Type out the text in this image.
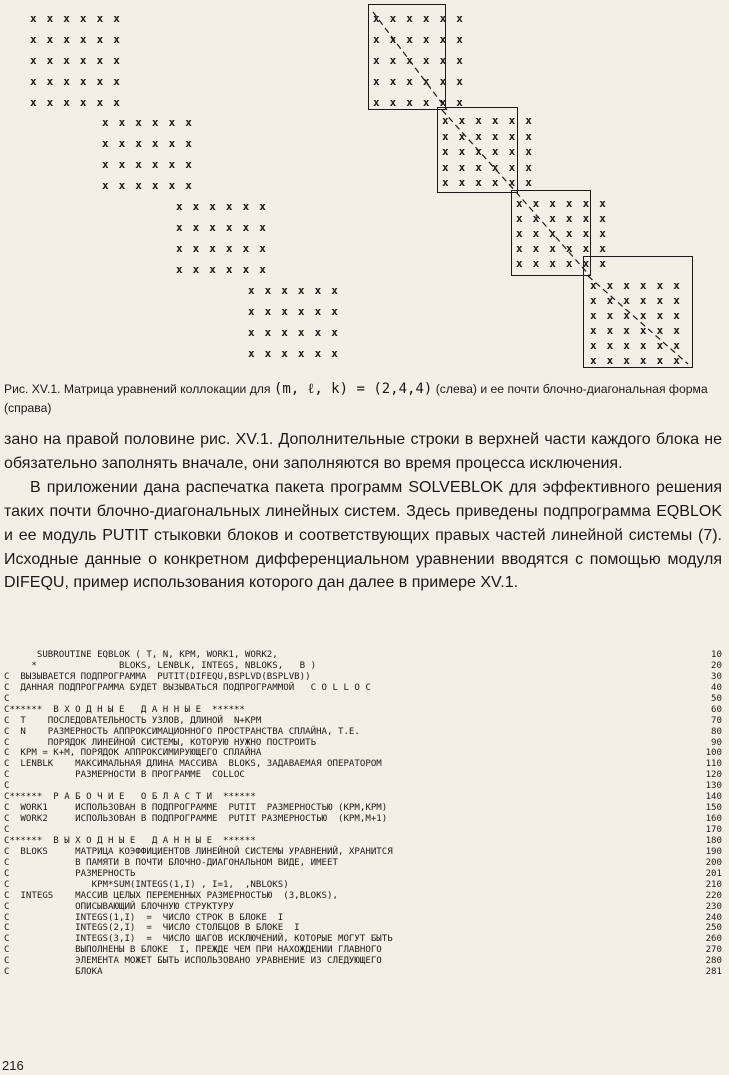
x x x x x x

x x x x x x

x x x x x x

x x x x x x

x x x x x x

x x x x x x

x x x x x x

x x x x x x

x x x x x x

x x x x x x

x x x x x x

x x x x x x

x x x x x x

x x x x x x

x x x x x x

x x x x x x

x x x x x x

x x x x x x

x x x x x x

x x x x x x

x x x x x x

x x x x x x

x x x x x x

x x x x x x

x x x x x x

x x x x x x

x x x x x x

x x x x x x

x x x x x x

x x x x x x

x x x x x x

x x x x x x

x x x x x x

x x x x x x

x x x x x x

x x x x x x

x x x x x x

x x x x x x

Рис. XV.1. Матрица уравнений коллокации для (m, ℓ, k) = (2,4,4) (слева) и ее почти блочно-диагональная форма (справа)

зано на правой половине рис. XV.1. Дополнительные строки в верхней части каждого блока не обязательно заполнять вначале, они заполняются во время процесса исключения.

В приложении дана распечатка пакета программ SOLVEBLOK для эффективного решения таких почти блочно-диагональных линейных систем. Здесь приведены подпрограмма EQBLOK и ее модуль PUTIT стыковки блоков и соответствующих правых частей линейной системы (7). Исходные данные о конкретном дифференциальном уравнении вводятся с помощью модуля DIFEQU, пример использования которого дан далее в примере XV.1.

SUBROUTINE EQBLOK ( T, N, KPM, WORK1, WORK2,	10
*               BLOKS, LENBLK, INTEGS, NBLOKS,   B )	20
C  ВЫЗЫВАЕТСЯ ПОДПРОГРАММА  PUTIT(DIFEQU,BSPLVD(BSPLVB))	30
C  ДАННАЯ ПОДПРОГРАММА БУДЕТ ВЫЗЫВАТЬСЯ ПОДПРОГРАММОЙ   C O L L O C	40
C	50
C******  В Х О Д Н Ы Е   Д А Н Н Ы Е  ******	60
C  T    ПОСЛЕДОВАТЕЛЬНОСТЬ УЗЛОВ, ДЛИНОЙ  N+KPM	70
C  N    РАЗМЕРНОСТЬ АППРОКСИМАЦИОННОГО ПРОСТРАНСТВА СПЛАЙНА, Т.Е.	80
C       ПОРЯДОК ЛИНЕЙНОЙ СИСТЕМЫ, КОТОРУЮ НУЖНО ПОСТРОИТЬ	90
C  KPM = K+M, ПОРЯДОК АППРОКСИМИРУЮЩЕГО СПЛАЙНА	100
C  LENBLK    МАКСИМАЛЬНАЯ ДЛИНА МАССИВА  BLOKS, ЗАДАВАЕМАЯ ОПЕРАТОРОМ	110
C            РАЗМЕРНОСТИ В ПРОГРАММЕ  COLLOC	120
C	130
C******  Р А Б О Ч И Е   О Б Л А С Т И  ******	140
C  WORK1     ИСПОЛЬЗОВАН В ПОДПРОГРАММЕ  PUTIT  РАЗМЕРНОСТЬЮ (KPM,KPM)	150
C  WORK2     ИСПОЛЬЗОВАН В ПОДПРОГРАММЕ  PUTIT РАЗМЕРНОСТЬЮ  (KPM,M+1)	160
C	170
C******  В Ы Х О Д Н Ы Е   Д А Н Н Ы Е  ******	180
C  BLOKS     МАТРИЦА КОЭФФИЦИЕНТОВ ЛИНЕЙНОЙ СИСТЕМЫ УРАВНЕНИЙ, ХРАНИТСЯ	190
C            В ПАМЯТИ В ПОЧТИ БЛОЧНО-ДИАГОНАЛЬНОМ ВИДЕ, ИМЕЕТ	200
C            РАЗМЕРНОСТЬ	201
C               KPM*SUM(INTEGS(1,I) , I=1,  ,NBLOKS)	210
C  INTEGS    МАССИВ ЦЕЛЫХ ПЕРЕМЕННЫХ РАЗМЕРНОСТЬЮ  (3,BLOKS),	220
C            ОПИСЫВАЮЩИЙ БЛОЧНУЮ СТРУКТУРУ	230
C            INTEGS(1,I)  =  ЧИСЛО СТРОК В БЛОКЕ  I	240
C            INTEGS(2,I)  =  ЧИСЛО СТОЛБЦОВ В БЛОКЕ  I	250
C            INTEGS(3,I)  =  ЧИСЛО ШАГОВ ИСКЛЮЧЕНИЙ, КОТОРЫЕ МОГУТ БЫТЬ	260
C            ВЫПОЛНЕНЫ В БЛОКЕ  I, ПРЕЖДЕ ЧЕМ ПРИ НАХОЖДЕНИИ ГЛАВНОГО	270
C            ЭЛЕМЕНТА МОЖЕТ БЫТЬ ИСПОЛЬЗОВАНО УРАВНЕНИЕ ИЗ СЛЕДУЮЩЕГО	280
C            БЛОКА	281
216
